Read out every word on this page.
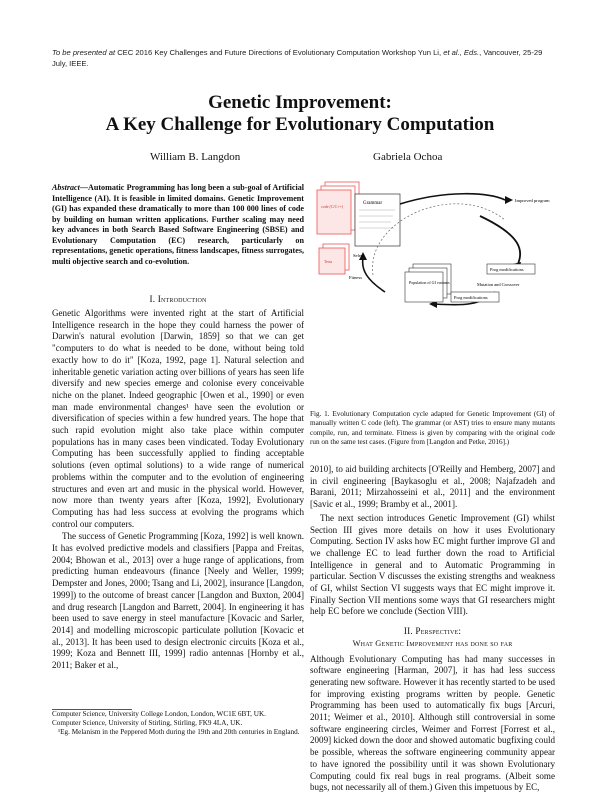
To be presented at CEC 2016 Key Challenges and Future Directions of Evolutionary Computation Workshop Yun Li, et al., Eds., Vancouver, 25-29 July, IEEE.
Genetic Improvement:
A Key Challenge for Evolutionary Computation
William B. Langdon	Gabriela Ochoa
Abstract—Automatic Programming has long been a sub-goal of Artificial Intelligence (AI). It is feasible in limited domains. Genetic Improvement (GI) has expanded these dramatically to more than 100 000 lines of code by building on human written applications. Further scaling may need key advances in both Search Based Software Engineering (SBSE) and Evolutionary Computation (EC) research, particularly on representations, genetic operations, fitness landscapes, fitness surrogates, multi objective search and co-evolution.
I. Introduction

Genetic Algorithms were invented right at the start of Artificial Intelligence research in the hope they could harness the power of Darwin's natural evolution [Darwin, 1859] so that we can get "computers to do what is needed to be done, without being told exactly how to do it" [Koza, 1992, page 1]. Natural selection and inheritable genetic variation acting over billions of years has seen life diversify and new species emerge and colonise every conceivable niche on the planet. Indeed geographic [Owen et al., 1990] or even man made environmental changes¹ have seen the evolution or diversification of species within a few hundred years. The hope that such rapid evolution might also take place within computer populations has in many cases been vindicated. Today Evolutionary Computing has been successfully applied to finding acceptable solutions (even optimal solutions) to a wide range of numerical problems within the computer and to the evolution of engineering structures and even art and music in the physical world. However, now more than twenty years after [Koza, 1992], Evolutionary Computing has had less success at evolving the programs which control our computers.

The success of Genetic Programming [Koza, 1992] is well known. It has evolved predictive models and classifiers [Pappa and Freitas, 2004; Bhowan et al., 2013] over a huge range of applications, from predicting human endeavours (finance [Neely and Weller, 1999; Dempster and Jones, 2000; Tsang and Li, 2002], insurance [Langdon, 1999]) to the outcome of breast cancer [Langdon and Buxton, 2004] and drug research [Langdon and Barrett, 2004]. In engineering it has been used to save energy in steel manufacture [Kovacic and Sarler, 2014] and modelling microscopic particulate pollution [Kovacic et al., 2013]. It has been used to design electronic circuits [Koza et al., 1999; Koza and Bennett III, 1999] radio antennas [Hornby et al., 2011; Baker et al.,

Computer Science, University College London, London, WC1E 6BT, UK.
Computer Science, University of Stirling, Stirling, FK9 4LA, UK.
¹Eg. Melanism in the Peppered Moth during the 19th and 20th centuries in England.
code (C/C++)
Grammar
Tests
Improved program
Select
Fitness
Population of GI variants
Prog modifications
Mutation and Crossover
Prog modifications
Fig. 1. Evolutionary Computation cycle adapted for Genetic Improvement (GI) of manually written C code (left). The grammar (or AST) tries to ensure many mutants compile, run, and terminate. Fitness is given by comparing with the original code run on the same test cases. (Figure from [Langdon and Petke, 2016].)

2010], to aid building architects [O'Reilly and Hemberg, 2007] and in civil engineering [Baykasoglu et al., 2008; Najafzadeh and Barani, 2011; Mirzahosseini et al., 2011] and the environment [Savic et al., 1999; Bramby et al., 2001].

The next section introduces Genetic Improvement (GI) whilst Section III gives more details on how it uses Evolutionary Computing. Section IV asks how EC might further improve GI and we challenge EC to lead further down the road to Artificial Intelligence in general and to Automatic Programming in particular. Section V discusses the existing strengths and weakness of GI, whilst Section VI suggests ways that EC might improve it. Finally Section VII mentions some ways that GI researchers might help EC before we conclude (Section VIII).

II. Perspective:
What Genetic Improvement has done so far

Although Evolutionary Computing has had many successes in software engineering [Harman, 2007], it has had less success generating new software. However it has recently started to be used for improving existing programs written by people. Genetic Programming has been used to automatically fix bugs [Arcuri, 2011; Weimer et al., 2010]. Although still controversial in some software engineering circles, Weimer and Forrest [Forrest et al., 2009] kicked down the door and showed automatic bugfixing could be possible, whereas the software engineering community appear to have ignored the possibility until it was shown Evolutionary Computing could fix real bugs in real programs. (Albeit some bugs, not necessarily all of them.) Given this impetuous by EC,
